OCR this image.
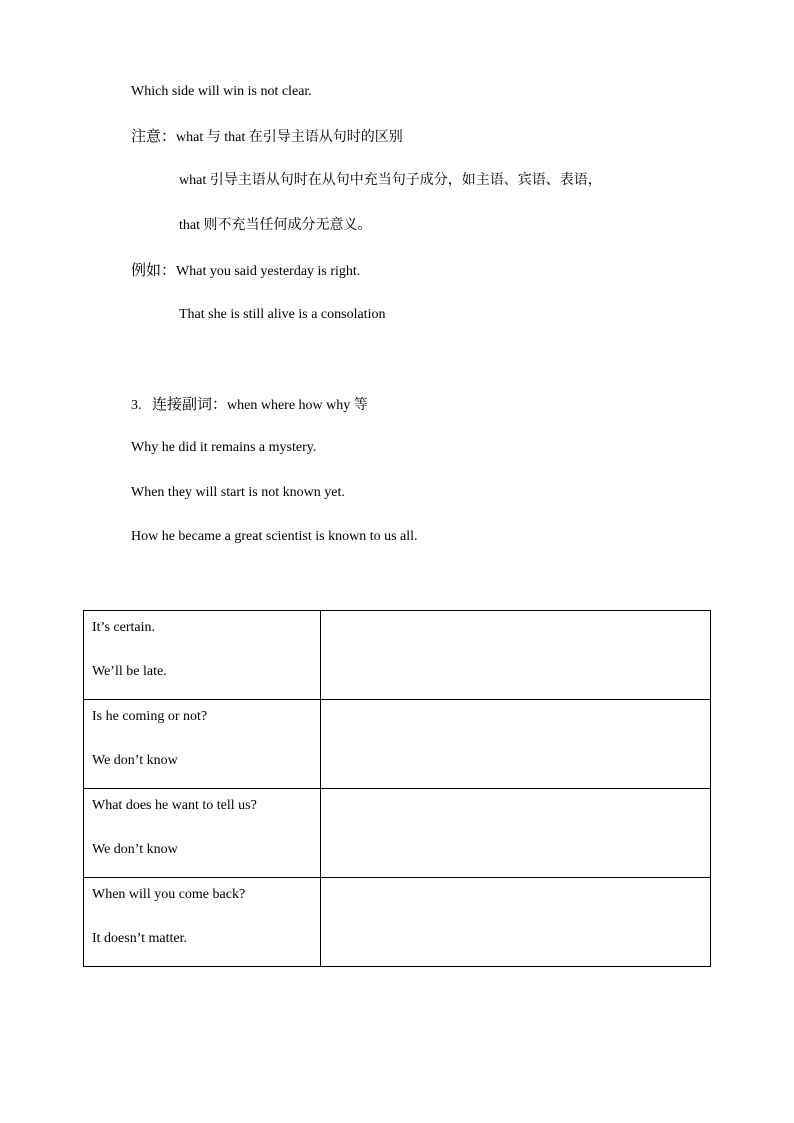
Which side will win is not clear.
注意：what 与 that 在引导主语从句时的区别
what 引导主语从句时在从句中充当句子成分，如主语、宾语、表语，
that 则不充当任何成分无意义。
例如：What you said yesterday is right.
That she is still alive is a consolation
3. 连接副词：when where how why 等
Why he did it remains a mystery.
When they will start is not known yet.
How he became a great scientist is known to us all.
It’s certain.
We’ll be late.	

Is he coming or not?
We don’t know	

What does he want to tell us?
We don’t know	

When will you come back?
It doesn’t matter.	
